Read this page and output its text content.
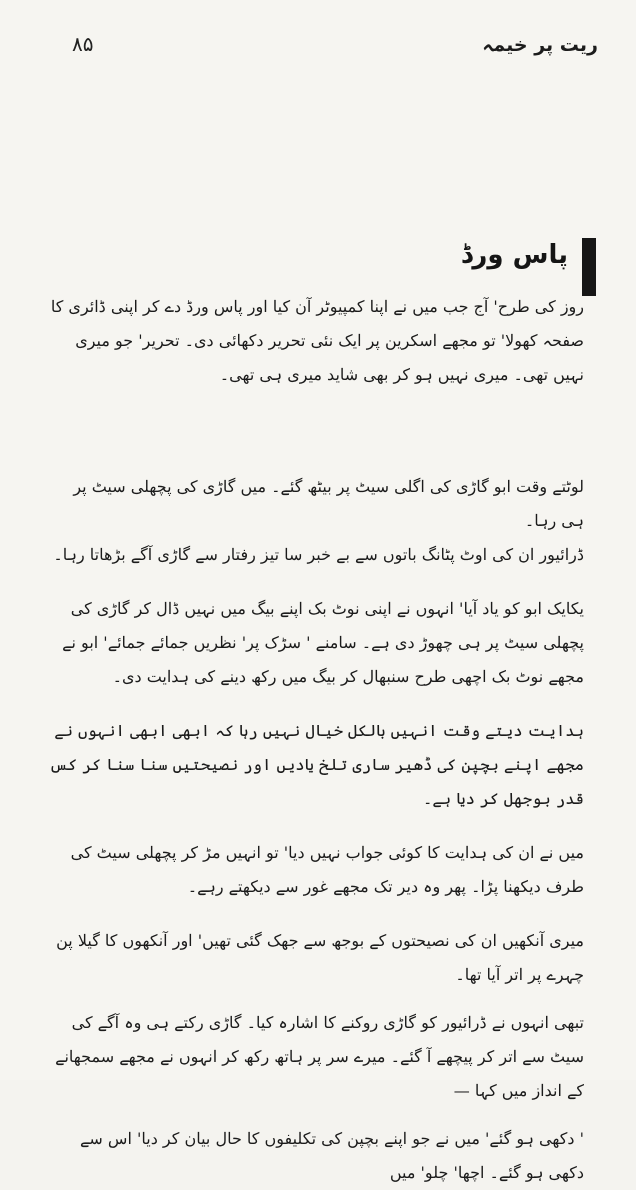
۸۵	ریت پر خیمہ
پاس ورڈ

روز کی طرح' آج جب میں نے اپنا کمپیوٹر آن کیا اور پاس ورڈ دے کر اپنی ڈائری کا صفحہ کھولا' تو مجھے اسکرین پر ایک نئی تحریر دکھائی دی۔ تحریر' جو میری نہیں تھی۔ میری نہیں ہو کر بھی شاید میری ہی تھی۔

لوٹتے وقت ابو گاڑی کی اگلی سیٹ پر بیٹھ گئے۔ میں گاڑی کی پچھلی سیٹ پر ہی رہا۔

ڈرائیور ان کی اوٹ پٹانگ باتوں سے بے خبر سا تیز رفتار سے گاڑی آگے بڑھاتا رہا۔

یکایک ابو کو یاد آیا' انہوں نے اپنی نوٹ بک اپنے بیگ میں نہیں ڈال کر گاڑی کی پچھلی سیٹ پر ہی چھوڑ دی ہے۔ سامنے ' سڑک پر' نظریں جمائے جمائے' ابو نے مجھے نوٹ بک اچھی طرح سنبھال کر بیگ میں رکھ دینے کی ہدایت دی۔

ہدایت دیتے وقت انہیں بالکل خیال نہیں رہا کہ ابھی ابھی انہوں نے مجھے اپنے بچپن کی ڈھیر ساری تلخ یادیں اور نصیحتیں سنا سنا کر کس قدر بوجھل کر دیا ہے۔

میں نے ان کی ہدایت کا کوئی جواب نہیں دیا' تو انہیں مڑ کر پچھلی سیٹ کی طرف دیکھنا پڑا۔ پھر وہ دیر تک مجھے غور سے دیکھتے رہے۔

میری آنکھیں ان کی نصیحتوں کے بوجھ سے جھک گئی تھیں' اور آنکھوں کا گیلا پن چہرے پر اتر آیا تھا۔

تبھی انہوں نے ڈرائیور کو گاڑی روکنے کا اشارہ کیا۔ گاڑی رکتے ہی وہ آگے کی سیٹ سے اتر کر پیچھے آ گئے۔ میرے سر پر ہاتھ رکھ کر انہوں نے مجھے سمجھانے کے انداز میں کہا —

' دکھی ہو گئے' میں نے جو اپنے بچپن کی تکلیفوں کا حال بیان کر دیا' اس سے دکھی ہو گئے۔ اچھا' چلو' میں
